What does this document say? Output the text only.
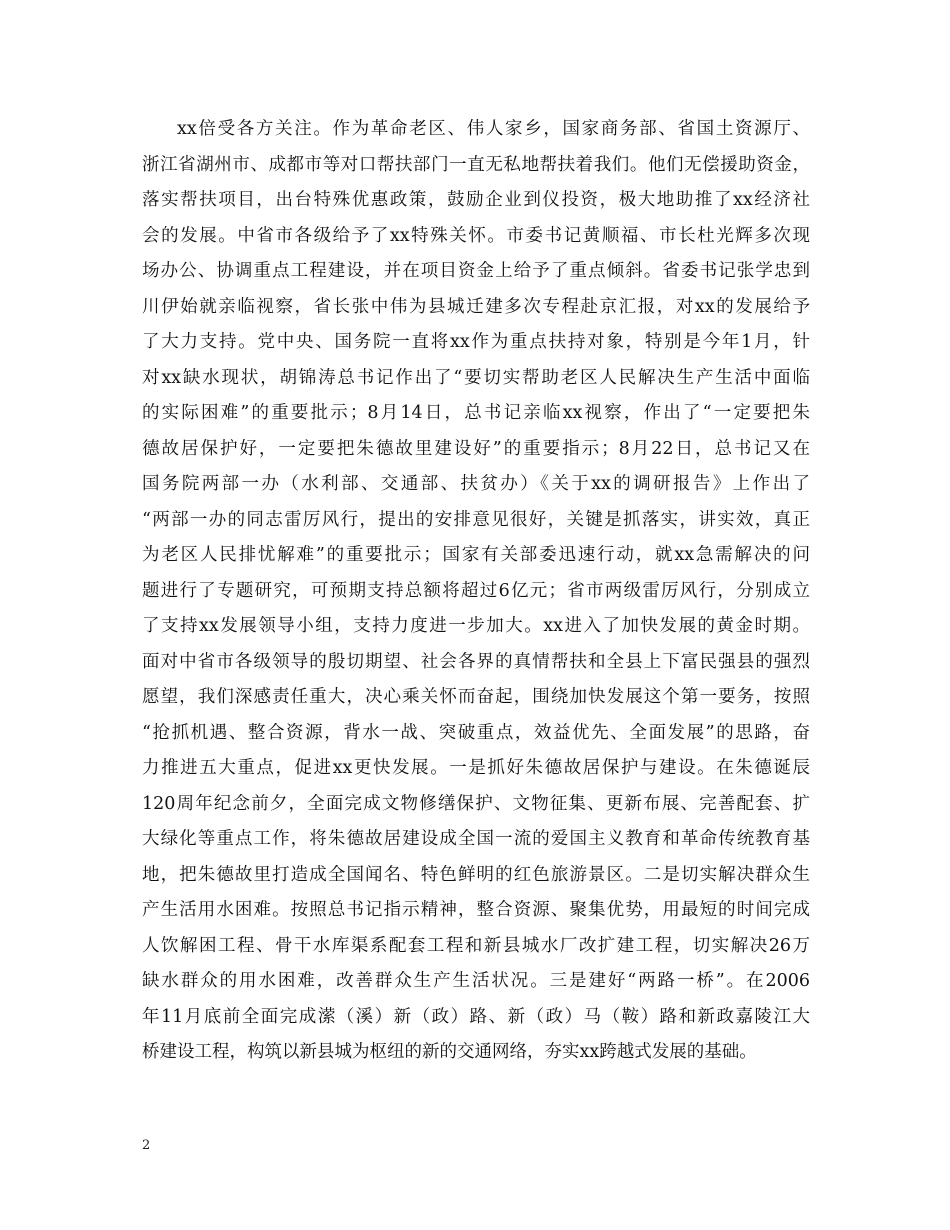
xx倍受各方关注。作为革命老区、伟人家乡，国家商务部、省国土资源厅、
浙江省湖州市、成都市等对口帮扶部门一直无私地帮扶着我们。他们无偿援助资金，
落实帮扶项目，出台特殊优惠政策，鼓励企业到仪投资，极大地助推了xx经济社
会的发展。中省市各级给予了xx特殊关怀。市委书记黄顺福、市长杜光辉多次现
场办公、协调重点工程建设，并在项目资金上给予了重点倾斜。省委书记张学忠到
川伊始就亲临视察，省长张中伟为县城迁建多次专程赴京汇报，对xx的发展给予
了大力支持。党中央、国务院一直将xx作为重点扶持对象，特别是今年1月，针
对xx缺水现状，胡锦涛总书记作出了“要切实帮助老区人民解决生产生活中面临
的实际困难”的重要批示；8月14日，总书记亲临xx视察，作出了“一定要把朱
德故居保护好，一定要把朱德故里建设好”的重要指示；8月22日，总书记又在
国务院两部一办（水利部、交通部、扶贫办）《关于xx的调研报告》上作出了
“两部一办的同志雷厉风行，提出的安排意见很好，关键是抓落实，讲实效，真正
为老区人民排忧解难”的重要批示；国家有关部委迅速行动，就xx急需解决的问
题进行了专题研究，可预期支持总额将超过6亿元；省市两级雷厉风行，分别成立
了支持xx发展领导小组，支持力度进一步加大。xx进入了加快发展的黄金时期。
面对中省市各级领导的殷切期望、社会各界的真情帮扶和全县上下富民强县的强烈
愿望，我们深感责任重大，决心乘关怀而奋起，围绕加快发展这个第一要务，按照
“抢抓机遇、整合资源，背水一战、突破重点，效益优先、全面发展”的思路，奋
力推进五大重点，促进xx更快发展。一是抓好朱德故居保护与建设。在朱德诞辰
120周年纪念前夕，全面完成文物修缮保护、文物征集、更新布展、完善配套、扩
大绿化等重点工作，将朱德故居建设成全国一流的爱国主义教育和革命传统教育基
地，把朱德故里打造成全国闻名、特色鲜明的红色旅游景区。二是切实解决群众生
产生活用水困难。按照总书记指示精神，整合资源、聚集优势，用最短的时间完成
人饮解困工程、骨干水库渠系配套工程和新县城水厂改扩建工程，切实解决26万
缺水群众的用水困难，改善群众生产生活状况。三是建好“两路一桥”。在2006
年11月底前全面完成潆（溪）新（政）路、新（政）马（鞍）路和新政嘉陵江大
桥建设工程，构筑以新县城为枢纽的新的交通网络，夯实xx跨越式发展的基础。
2
